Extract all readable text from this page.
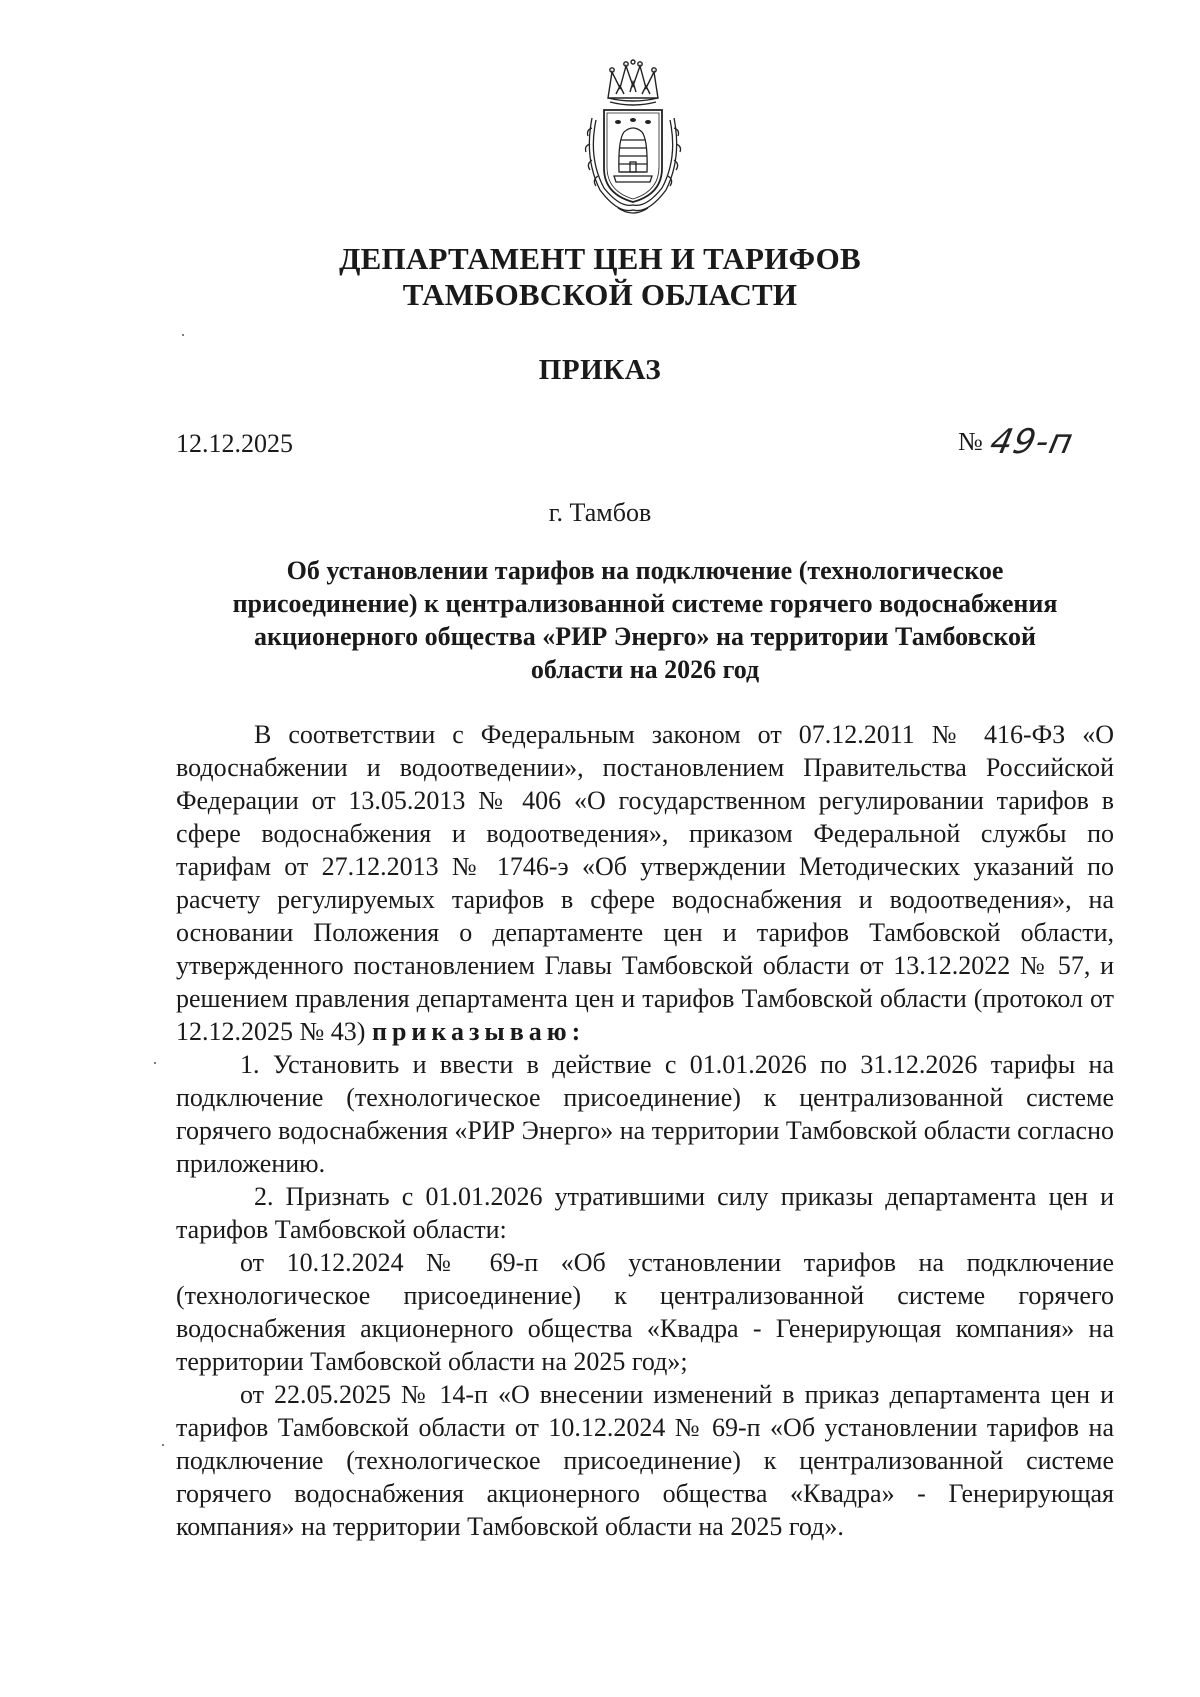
ДЕПАРТАМЕНТ ЦЕН И ТАРИФОВ
ТАМБОВСКОЙ ОБЛАСТИ
ПРИКАЗ
12.12.2025	№ 49-п
г. Тамбов
Об установлении тарифов на подключение (технологическое
присоединение) к централизованной системе горячего водоснабжения
акционерного общества «РИР Энерго» на территории Тамбовской
области на 2026 год

В соответствии с Федеральным законом от 07.12.2011 № 416-ФЗ «О водоснабжении и водоотведении», постановлением Правительства Российской Федерации от 13.05.2013 № 406 «О государственном регулировании тарифов в сфере водоснабжения и водоотведения», приказом Федеральной службы по тарифам от 27.12.2013 № 1746-э «Об утверждении Методических указаний по расчету регулируемых тарифов в сфере водоснабжения и водоотведения», на основании Положения о департаменте цен и тарифов Тамбовской области, утвержденного постановлением Главы Тамбовской области от 13.12.2022 № 57, и решением правления департамента цен и тарифов Тамбовской области (протокол от 12.12.2025 № 43) приказываю:

1. Установить и ввести в действие с 01.01.2026 по 31.12.2026 тарифы на подключение (технологическое присоединение) к централизованной системе горячего водоснабжения «РИР Энерго» на территории Тамбовской области согласно приложению.

2. Признать с 01.01.2026 утратившими силу приказы департамента цен и тарифов Тамбовской области:

от 10.12.2024 № 69-п «Об установлении тарифов на подключение (технологическое присоединение) к централизованной системе горячего водоснабжения акционерного общества «Квадра - Генерирующая компания» на территории Тамбовской области на 2025 год»;

от 22.05.2025 № 14-п «О внесении изменений в приказ департамента цен и тарифов Тамбовской области от 10.12.2024 № 69-п «Об установлении тарифов на подключение (технологическое присоединение) к централизованной системе горячего водоснабжения акционерного общества «Квадра» - Генерирующая компания» на территории Тамбовской области на 2025 год».
